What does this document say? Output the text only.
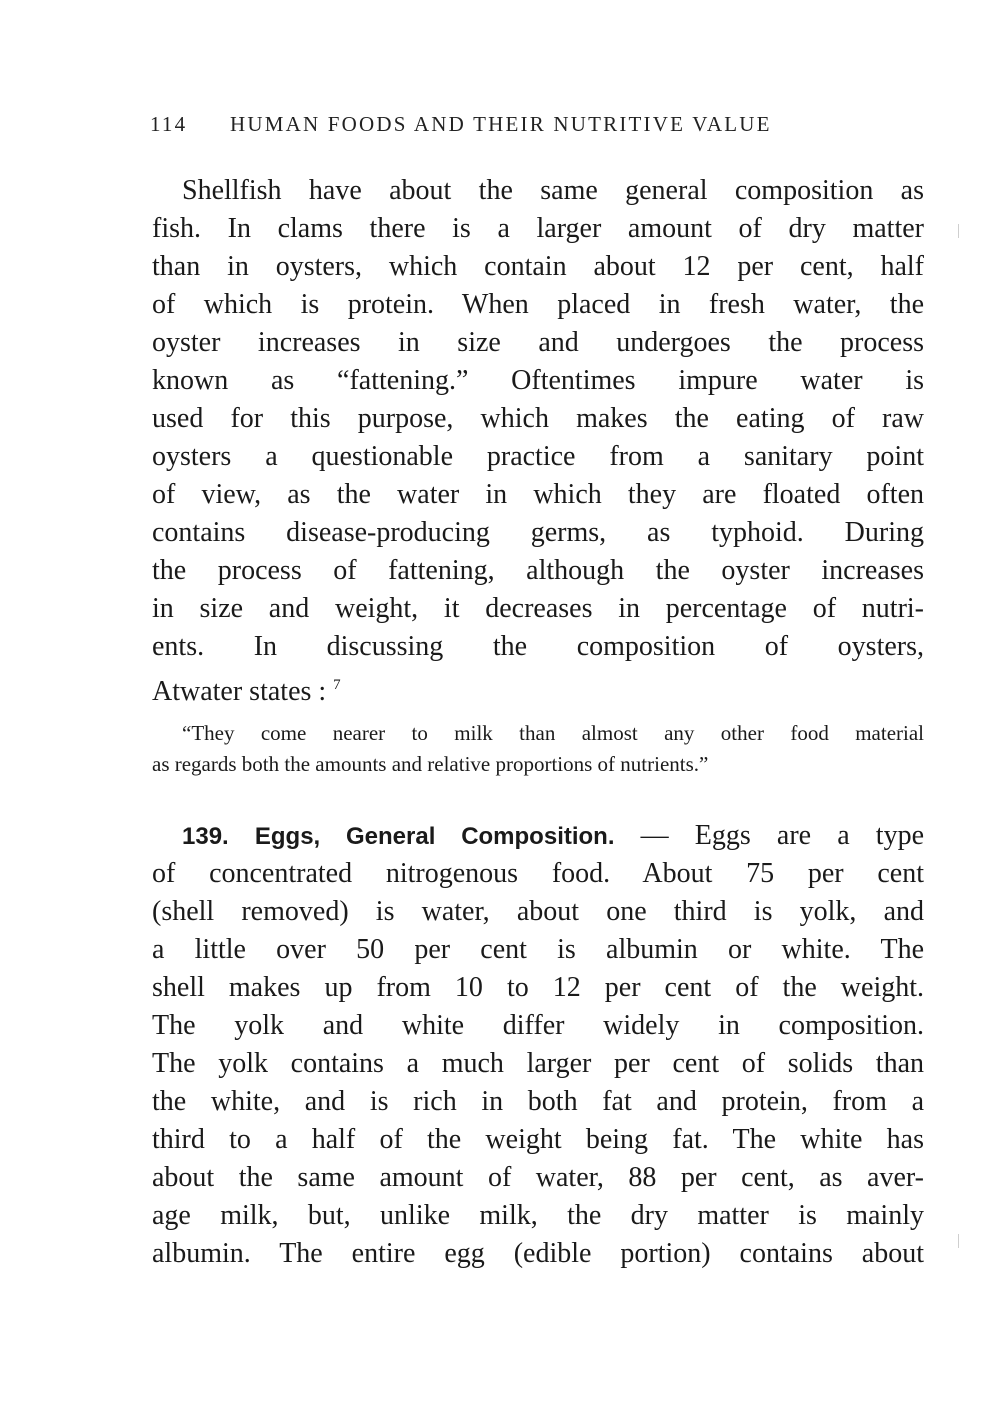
114 HUMAN FOODS AND THEIR NUTRITIVE VALUE
Shellfish have about the same general composition as
fish. In clams there is a larger amount of dry matter
than in oysters, which contain about 12 per cent, half
of which is protein. When placed in fresh water, the
oyster increases in size and undergoes the process
known as “fattening.” Oftentimes impure water is
used for this purpose, which makes the eating of raw
oysters a questionable practice from a sanitary point
of view, as the water in which they are floated often
contains disease-producing germs, as typhoid. During
the process of fattening, although the oyster increases
in size and weight, it decreases in percentage of nutri-
ents. In discussing the composition of oysters,
Atwater states : $^7$
“They come nearer to milk than almost any other food material
as regards both the amounts and relative proportions of nutrients.”
139. Eggs, General Composition. — Eggs are a type
of concentrated nitrogenous food. About 75 per cent
(shell removed) is water, about one third is yolk, and
a little over 50 per cent is albumin or white. The
shell makes up from 10 to 12 per cent of the weight.
The yolk and white differ widely in composition.
The yolk contains a much larger per cent of solids than
the white, and is rich in both fat and protein, from a
third to a half of the weight being fat. The white has
about the same amount of water, 88 per cent, as aver-
age milk, but, unlike milk, the dry matter is mainly
albumin. The entire egg (edible portion) contains about
